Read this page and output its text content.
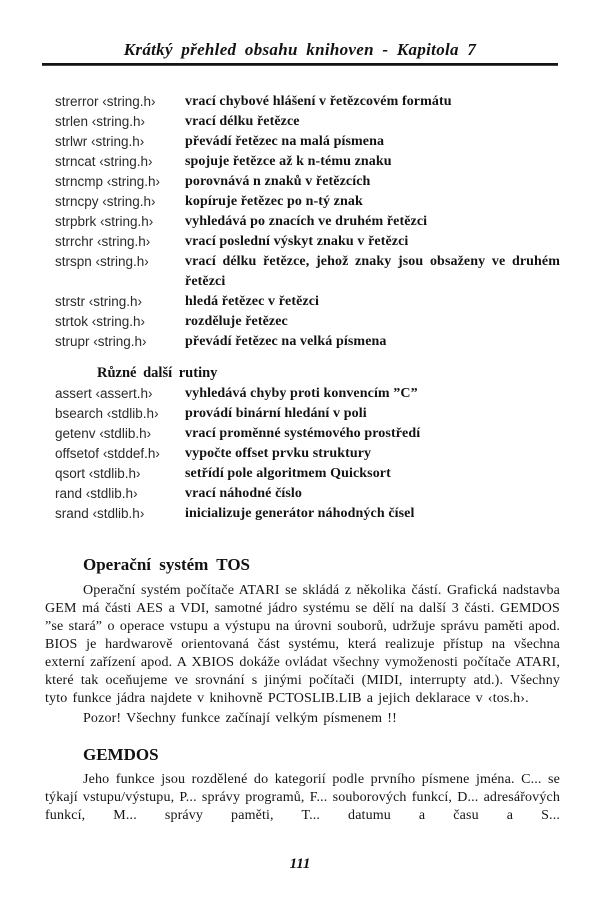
Krátký přehled obsahu knihoven - Kapitola 7
strerror ‹string.h›	vrací chybové hlášení v řetězcovém formátu
strlen ‹string.h›	vrací délku řetězce
strlwr ‹string.h›	převádí řetězec na malá písmena
strncat ‹string.h›	spojuje řetězce až k n-tému znaku
strncmp ‹string.h›	porovnává n znaků v řetězcích
strncpy ‹string.h›	kopíruje řetězec po n-tý znak
strpbrk ‹string.h›	vyhledává po znacích ve druhém řetězci
strrchr ‹string.h›	vrací poslední výskyt znaku v řetězci
strspn ‹string.h›	vrací délku řetězce, jehož znaky jsou obsaženy ve druhém řetězci
strstr ‹string.h›	hledá řetězec v řetězci
strtok ‹string.h›	rozděluje řetězec
strupr ‹string.h›	převádí řetězec na velká písmena
Různé další rutiny
assert ‹assert.h›	vyhledává chyby proti konvencím ”C”
bsearch ‹stdlib.h›	provádí binární hledání v poli
getenv ‹stdlib.h›	vrací proměnné systémového prostředí
offsetof ‹stddef.h›	vypočte offset prvku struktury
qsort ‹stdlib.h›	setřídí pole algoritmem Quicksort
rand ‹stdlib.h›	vrací náhodné číslo
srand ‹stdlib.h›	inicializuje generátor náhodných čísel
Operační systém TOS

Operační systém počítače ATARI se skládá z několika částí. Grafická nadstavba GEM má části AES a VDI, samotné jádro systému se dělí na další 3 části. GEMDOS ”se stará” o operace vstupu a výstupu na úrovni souborů, udržuje správu paměti apod. BIOS je hardwarově orientovaná část systému, která realizuje přístup na všechna externí zařízení apod. A XBIOS dokáže ovládat všechny vymoženosti počítače ATARI, které tak oceňujeme ve srovnání s jinými počítači (MIDI, interrupty atd.). Všechny tyto funkce jádra najdete v knihovně PCTOSLIB.LIB a jejich deklarace v ‹tos.h›.

Pozor! Všechny funkce začínají velkým písmenem !!

GEMDOS

Jeho funkce jsou rozdělené do kategorií podle prvního písmene jména. C... se týkají vstupu/výstupu, P... správy programů, F... souborových funkcí, D... adresářových funkcí, M... správy paměti, T... datumu a času a S...

111
